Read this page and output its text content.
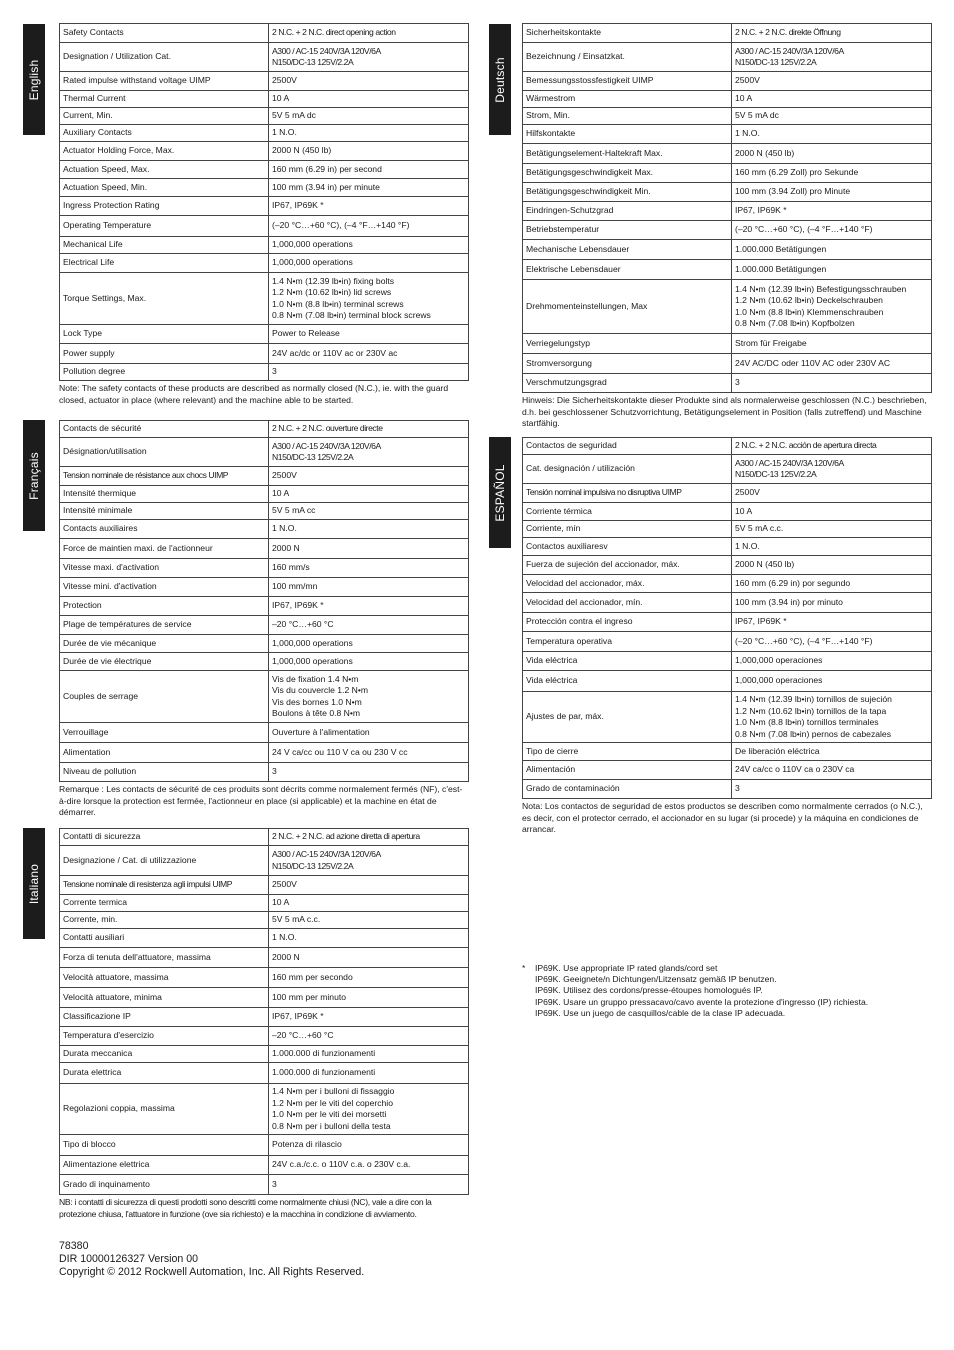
English
Français
Italiano
Deutsch
ESPAÑOL
Safety Contacts	2 N.C. + 2 N.C. direct opening action

Designation / Utilization Cat.	A300 / AC-15 240V/3A 120V/6A
N150/DC-13 125V/2.2A

Rated impulse withstand voltage UIMP	2500V

Thermal Current	10 A

Current, Min.	5V 5 mA dc

Auxiliary Contacts	1 N.O.

Actuator Holding Force, Max.	2000 N (450 lb)

Actuation Speed, Max.	160 mm (6.29 in) per second

Actuation Speed, Min.	100 mm (3.94 in) per minute

Ingress Protection Rating	IP67, IP69K *

Operating Temperature	(–20 °C…+60 °C), (–4 °F…+140 °F)

Mechanical Life	1,000,000 operations

Electrical Life	1,000,000 operations

Torque Settings, Max.	1.4 N•m (12.39 lb•in) fixing bolts
1.2 N•m (10.62 lb•in) lid screws
1.0 N•m (8.8 lb•in) terminal screws
0.8 N•m (7.08 lb•in) terminal block screws

Lock Type	Power to Release

Power supply	24V ac/dc or 110V ac or 230V ac

Pollution degree	3
Note: The safety contacts of these products are described as normally closed (N.C.), ie. with the guard closed, actuator in place (where relevant) and the machine able to be started.
Contacts de sécurité	2 N.C. + 2 N.C. ouverture directe

Désignation/utilisation	A300 / AC-15 240V/3A 120V/6A
N150/DC-13 125V/2.2A

Tension nominale de résistance aux chocs UIMP	2500V

Intensité thermique	10 A

Intensité minimale	5V 5 mA cc

Contacts auxiliaires	1 N.O.

Force de maintien maxi. de l'actionneur	2000 N

Vitesse maxi. d'activation	160 mm/s

Vitesse mini. d'activation	100 mm/mn

Protection	IP67, IP69K *

Plage de températures de service	–20 °C…+60 °C

Durée de vie mécanique	1,000,000 operations

Durée de vie électrique	1,000,000 operations

Couples de serrage	Vis de fixation 1.4 N•m
Vis du couvercle 1.2 N•m
Vis des bornes 1.0 N•m
Boulons à tête 0.8 N•m

Verrouillage	Ouverture à l'alimentation

Alimentation	24 V ca/cc ou 110 V ca ou 230 V cc

Niveau de pollution	3
Remarque : Les contacts de sécurité de ces produits sont décrits comme normalement fermés (NF), c'est-à-dire lorsque la protection est fermée, l'actionneur en place (si applicable) et la machine en état de démarrer.
Contatti di sicurezza	2 N.C. + 2 N.C. ad azione diretta di apertura

Designazione / Cat. di utilizzazione	A300 / AC-15 240V/3A 120V/6A
N150/DC-13 125V/2.2A

Tensione nominale di resistenza agli impulsi UIMP	2500V

Corrente termica	10 A

Corrente, min.	5V 5 mA c.c.

Contatti ausiliari	1 N.O.

Forza di tenuta dell'attuatore, massima	2000 N

Velocità attuatore, massima	160 mm per secondo

Velocità attuatore, minima	100 mm per minuto

Classificazione IP	IP67, IP69K *

Temperatura d'esercizio	–20 °C…+60 °C

Durata meccanica	1.000.000 di funzionamenti

Durata elettrica	1.000.000 di funzionamenti

Regolazioni coppia, massima	1.4 N•m per i bulloni di fissaggio
1.2 N•m per le viti del coperchio
1.0 N•m per le viti dei morsetti
0.8 N•m per i bulloni della testa

Tipo di blocco	Potenza di rilascio

Alimentazione elettrica	24V c.a./c.c. o 110V c.a. o 230V c.a.

Grado di inquinamento	3
NB: i contatti di sicurezza di questi prodotti sono descritti come normalmente chiusi (NC), vale a dire con la protezione chiusa, l'attuatore in funzione (ove sia richiesto) e la macchina in condizione di avviamento.
Sicherheitskontakte	2 N.C. + 2 N.C. direkte Öffnung

Bezeichnung / Einsatzkat.	A300 / AC-15 240V/3A 120V/6A
N150/DC-13 125V/2.2A

Bemessungsstossfestigkeit UIMP	2500V

Wärmestrom	10 A

Strom, Min.	5V 5 mA dc

Hilfskontakte	1 N.O.

Betätigungselement-Haltekraft Max.	2000 N (450 lb)

Betätigungsgeschwindigkeit Max.	160 mm (6.29 Zoll) pro Sekunde

Betätigungsgeschwindigkeit Min.	100 mm (3.94 Zoll) pro Minute

Eindringen-Schutzgrad	IP67, IP69K *

Betriebstemperatur	(–20 °C…+60 °C), (–4 °F…+140 °F)

Mechanische Lebensdauer	1.000.000 Betätigungen

Elektrische Lebensdauer	1.000.000 Betätigungen

Drehmomenteinstellungen, Max	1.4 N•m (12.39 lb•in) Befestigungsschrauben
1.2 N•m (10.62 lb•in) Deckelschrauben
1.0 N•m (8.8 lb•in) Klemmenschrauben
0.8 N•m (7.08 lb•in) Kopfbolzen

Verriegelungstyp	Strom für Freigabe

Stromversorgung	24V AC/DC oder 110V AC oder 230V AC

Verschmutzungsgrad	3
Hinweis: Die Sicherheitskontakte dieser Produkte sind als normalerweise geschlossen (N.C.) beschrieben, d.h. bei geschlossener Schutzvorrichtung, Betätigungselement in Position (falls zutreffend) und Maschine startfähig.
Contactos de seguridad	2 N.C. + 2 N.C. acción de apertura directa

Cat. designación / utilización	A300 / AC-15 240V/3A 120V/6A
N150/DC-13 125V/2.2A

Tensión nominal impulsiva no disruptiva UIMP	2500V

Corriente térmica	10 A

Corriente, mín	5V 5 mA c.c.

Contactos auxiliaresv	1 N.O.

Fuerza de sujeción del accionador, máx.	2000 N (450 lb)

Velocidad del accionador, máx.	160 mm (6.29 in) por segundo

Velocidad del accionador, mín.	100 mm (3.94 in) por minuto

Protección contra el ingreso	IP67, IP69K *

Temperatura operativa	(–20 °C…+60 °C), (–4 °F…+140 °F)

Vida eléctrica	1,000,000 operaciones

Vida eléctrica	1,000,000 operaciones

Ajustes de par, máx.	1.4 N•m (12.39 lb•in) tornillos de sujeción
1.2 N•m (10.62 lb•in) tornillos de la tapa
1.0 N•m (8.8 lb•in) tornillos terminales
0.8 N•m (7.08 lb•in) pernos de cabezales

Tipo de cierre	De liberación eléctrica

Alimentación	24V ca/cc o 110V ca o 230V ca

Grado de contaminación	3
Nota: Los contactos de seguridad de estos productos se describen como normalmente cerrados (o N.C.), es decir, con el protector cerrado, el accionador en su lugar (si procede) y la máquina en condiciones de arrancar.
*	IP69K. Use appropriate IP rated glands/cord set
IP69K. Geeignete/n Dichtungen/Litzensatz gemäß IP benutzen.
IP69K. Utilisez des cordons/presse-étoupes homologués IP.
IP69K. Usare un gruppo pressacavo/cavo avente la protezione d'ingresso (IP) richiesta.
IP69K. Use un juego de casquillos/cable de la clase IP adecuada.
78380
DIR 10000126327 Version 00
Copyright © 2012 Rockwell Automation, Inc. All Rights Reserved.
